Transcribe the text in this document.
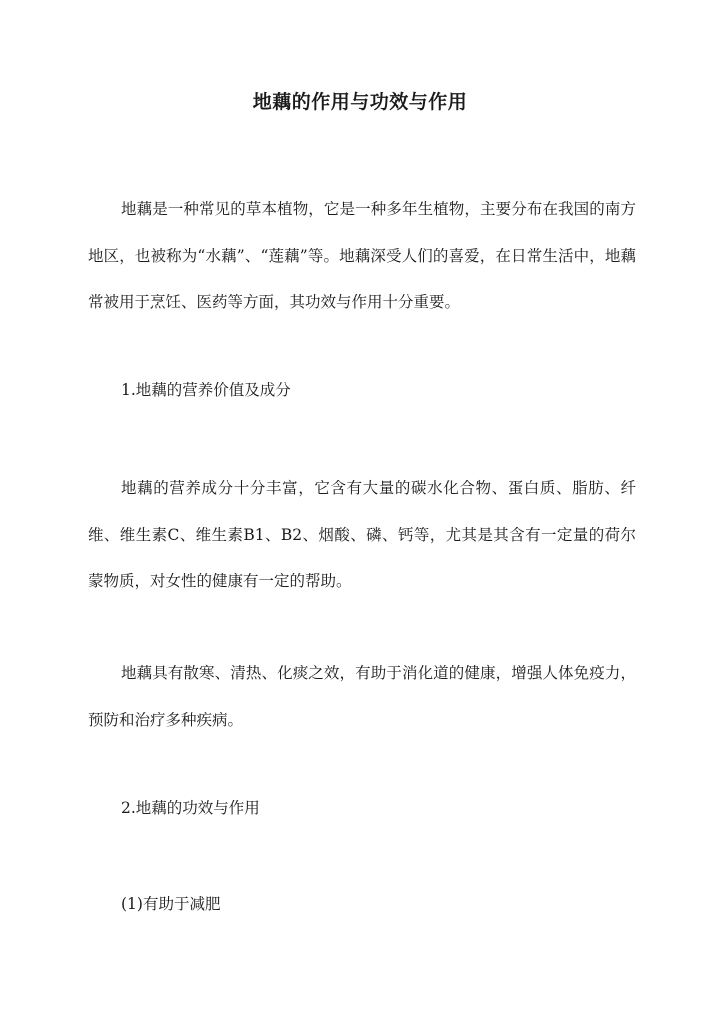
地藕的作用与功效与作用

地藕是一种常见的草本植物，它是一种多年生植物，主要分布在我国的南方地区，也被称为“水藕”、“莲藕”等。地藕深受人们的喜爱，在日常生活中，地藕常被用于烹饪、医药等方面，其功效与作用十分重要。

1.地藕的营养价值及成分

地藕的营养成分十分丰富，它含有大量的碳水化合物、蛋白质、脂肪、纤维、维生素C、维生素B1、B2、烟酸、磷、钙等，尤其是其含有一定量的荷尔蒙物质，对女性的健康有一定的帮助。

地藕具有散寒、清热、化痰之效，有助于消化道的健康，增强人体免疫力，预防和治疗多种疾病。

2.地藕的功效与作用

(1)有助于减肥
